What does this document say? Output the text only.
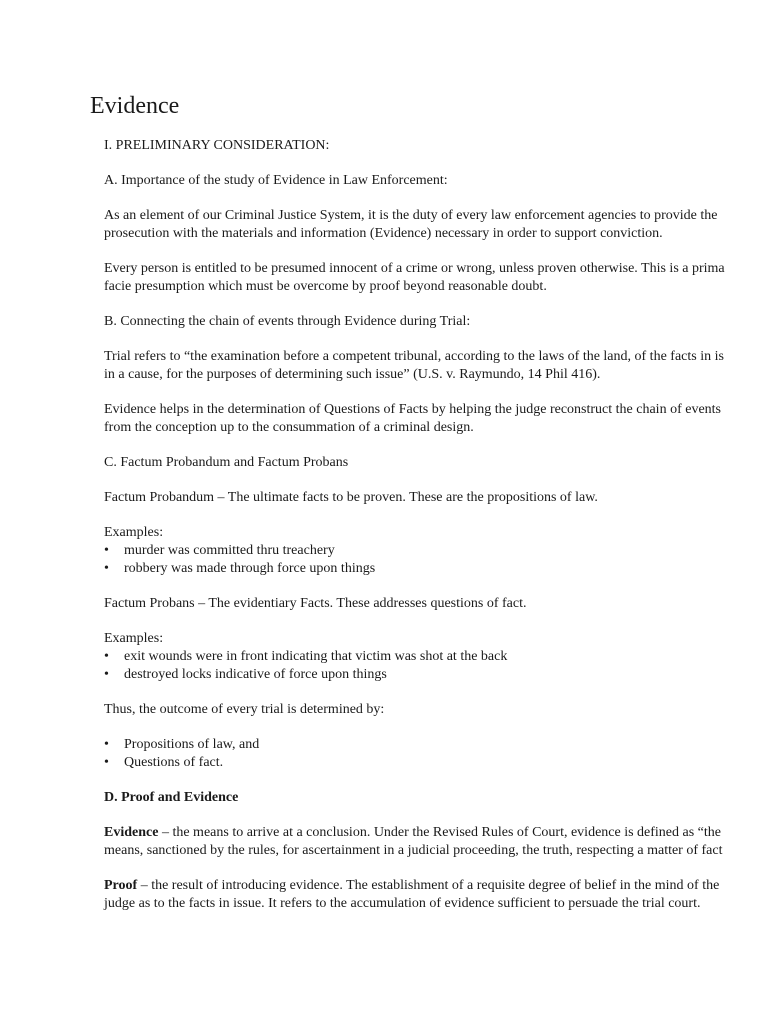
Evidence

I. PRELIMINARY CONSIDERATION:

A. Importance of the study of Evidence in Law Enforcement:

As an element of our Criminal Justice System, it is the duty of every law enforcement agencies to provide the
prosecution with the materials and information (Evidence) necessary in order to support conviction.

Every person is entitled to be presumed innocent of a crime or wrong, unless proven otherwise. This is a prima
facie presumption which must be overcome by proof beyond reasonable doubt.

B. Connecting the chain of events through Evidence during Trial:

Trial refers to “the examination before a competent tribunal, according to the laws of the land, of the facts in is
in a cause, for the purposes of determining such issue” (U.S. v. Raymundo, 14 Phil 416).

Evidence helps in the determination of Questions of Facts by helping the judge reconstruct the chain of events
from the conception up to the consummation of a criminal design.

C. Factum Probandum and Factum Probans

Factum Probandum – The ultimate facts to be proven. These are the propositions of law.

Examples:

• murder was committed thru treachery
• robbery was made through force upon things

Factum Probans – The evidentiary Facts. These addresses questions of fact.

Examples:

• exit wounds were in front indicating that victim was shot at the back
• destroyed locks indicative of force upon things

Thus, the outcome of every trial is determined by:

• Propositions of law, and
• Questions of fact.

D. Proof and Evidence

Evidence – the means to arrive at a conclusion. Under the Revised Rules of Court, evidence is defined as “the
means, sanctioned by the rules, for ascertainment in a judicial proceeding, the truth, respecting a matter of fact

Proof – the result of introducing evidence. The establishment of a requisite degree of belief in the mind of the
judge as to the facts in issue. It refers to the accumulation of evidence sufficient to persuade the trial court.
